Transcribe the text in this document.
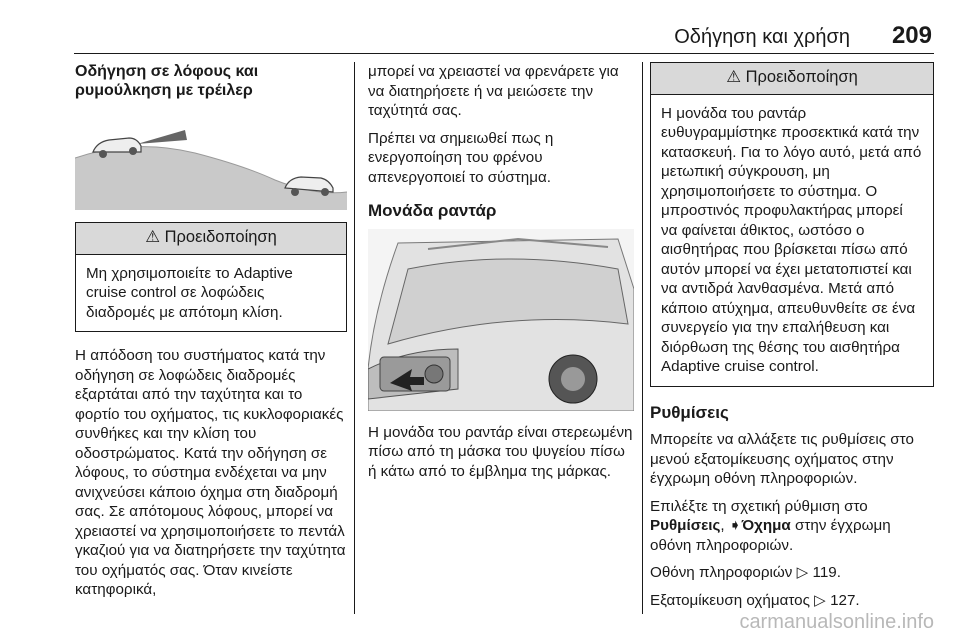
Οδήγηση και χρήση 209
Οδήγηση σε λόφους και ρυμούλκηση με τρέιλερ
⚠ Προειδοποίηση
Μη χρησιμοποιείτε το Adaptive cruise control σε λοφώδεις διαδρομές με απότομη κλίση.

Η απόδοση του συστήματος κατά την οδήγηση σε λοφώδεις διαδρομές εξαρτάται από την ταχύτητα και το φορτίο του οχήματος, τις κυκλοφοριακές συνθήκες και την κλίση του οδοστρώματος. Κατά την οδήγηση σε λόφους, το σύστημα ενδέχεται να μην ανιχνεύσει κάποιο όχημα στη διαδρομή σας. Σε απότομους λόφους, μπορεί να χρειαστεί να χρησιμοποιήσετε το πεντάλ γκαζιού για να διατηρήσετε την ταχύτητα του οχήματός σας. Όταν κινείστε κατηφορικά,

μπορεί να χρειαστεί να φρενάρετε για να διατηρήσετε ή να μειώσετε την ταχύτητά σας.

Πρέπει να σημειωθεί πως η ενεργοποίηση του φρένου απενεργοποιεί το σύστημα.

Μονάδα ραντάρ

Η μονάδα του ραντάρ είναι στερεωμένη πίσω από τη μάσκα του ψυγείου πίσω ή κάτω από το έμβλημα της μάρκας.

⚠ Προειδοποίηση
Η μονάδα του ραντάρ ευθυγραμμίστηκε προσεκτικά κατά την κατασκευή. Για το λόγο αυτό, μετά από μετωπική σύγκρουση, μη χρησιμοποιήσετε το σύστημα. Ο μπροστινός προφυλακτήρας μπορεί να φαίνεται άθικτος, ωστόσο ο αισθητήρας που βρίσκεται πίσω από αυτόν μπορεί να έχει μετατοπιστεί και να αντιδρά λανθασμένα. Μετά από κάποιο ατύχημα, απευθυνθείτε σε ένα συνεργείο για την επαλήθευση και διόρθωση της θέσης του αισθητήρα Adaptive cruise control.
Ρυθμίσεις

Μπορείτε να αλλάξετε τις ρυθμίσεις στο μενού εξατομίκευσης οχήματος στην έγχρωμη οθόνη πληροφοριών.

Επιλέξτε τη σχετική ρύθμιση στο Ρυθμίσεις, ➧Όχημα στην έγχρωμη οθόνη πληροφοριών.

Οθόνη πληροφοριών ▷ 119.

Εξατομίκευση οχήματος ▷ 127.

carmanualsonline.info
